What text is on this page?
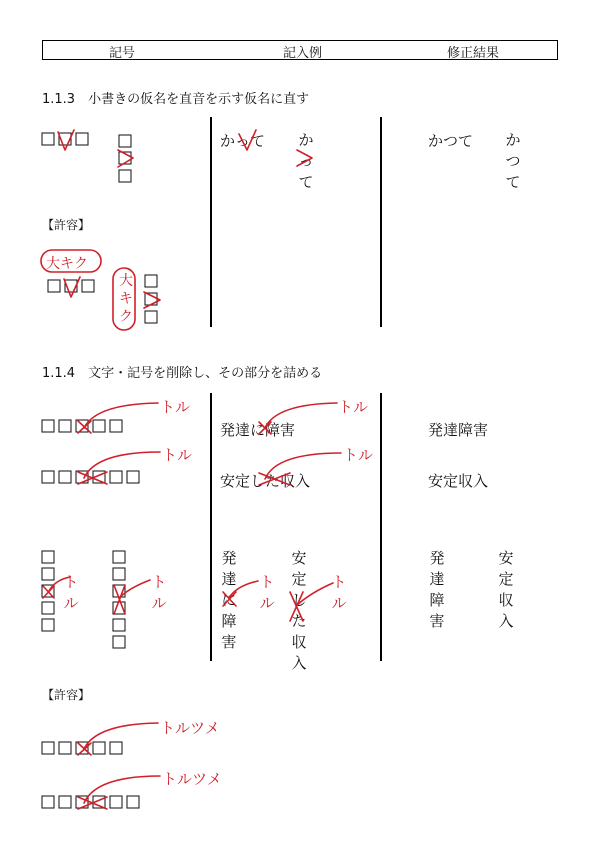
記号	記入例	修正結果
1.1.3　小書きの仮名を直音を示す仮名に直す
かって かって
かつて かつて
【許容】
大キク
大キク
1.1.4　文字・記号を削除し、その部分を詰める
発達に障害
安定した収入
発達障害
安定収入
発達に障害
安定した収入
発達障害
安定収入
トル
トル
トル
トル
トル
トル
トル
トル
【許容】
トルツメ
トルツメ
